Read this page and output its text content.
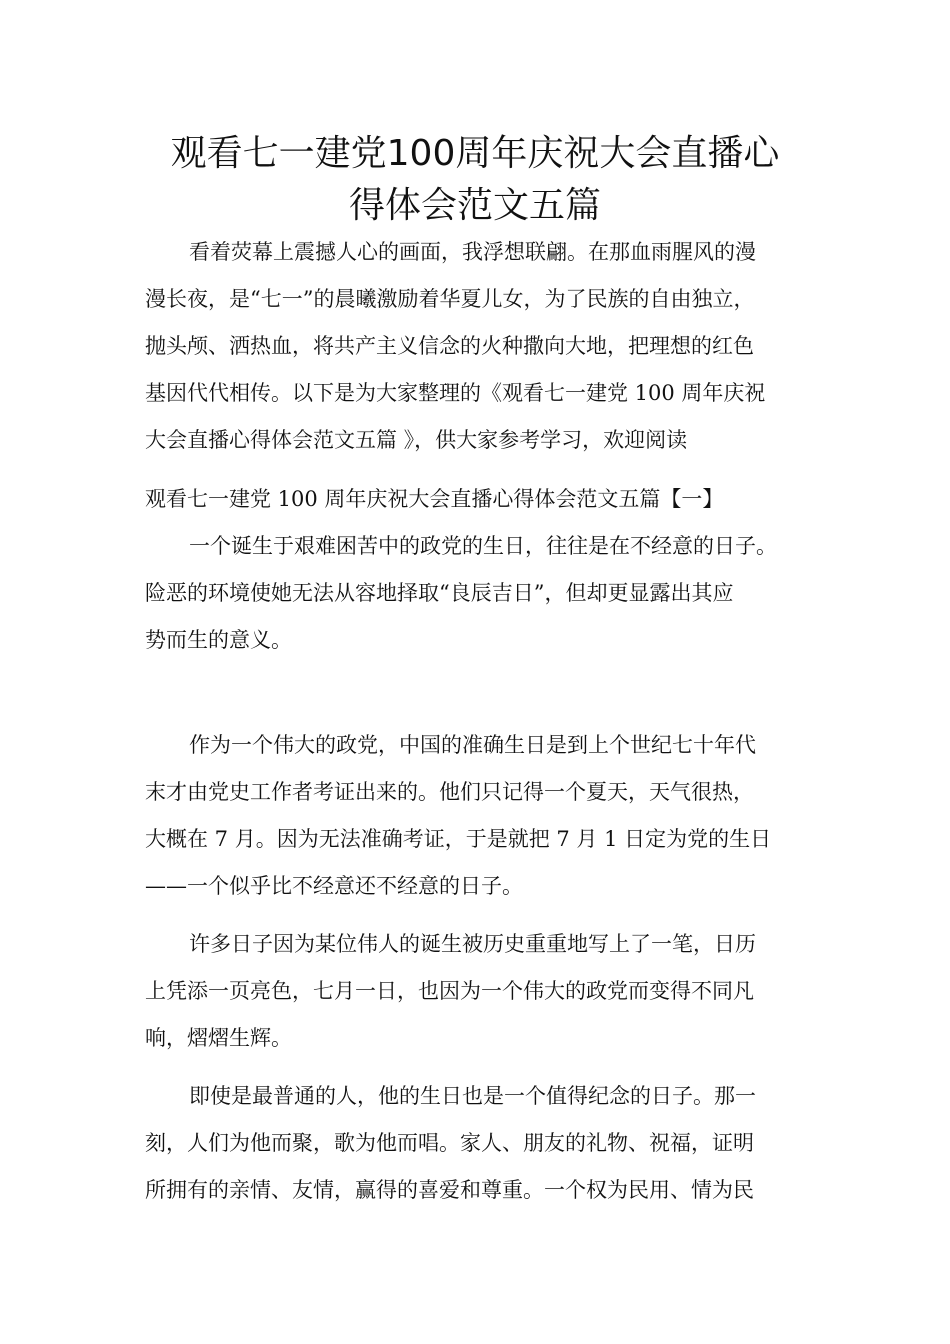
观看七一建党100周年庆祝大会直播心
得体会范文五篇
看着荧幕上震撼人心的画面，我浮想联翩。在那血雨腥风的漫
漫长夜，是“七一”的晨曦激励着华夏儿女，为了民族的自由独立，
抛头颅、洒热血，将共产主义信念的火种撒向大地，把理想的红色
基因代代相传。以下是为大家整理的《观看七一建党 100 周年庆祝
大会直播心得体会范文五篇 》，供大家参考学习，欢迎阅读
观看七一建党 100 周年庆祝大会直播心得体会范文五篇【一】
一个诞生于艰难困苦中的政党的生日，往往是在不经意的日子。
险恶的环境使她无法从容地择取“良辰吉日”，但却更显露出其应
势而生的意义。
作为一个伟大的政党，中国的准确生日是到上个世纪七十年代
末才由党史工作者考证出来的。他们只记得一个夏天，天气很热，
大概在 7 月。因为无法准确考证，于是就把 7 月 1 日定为党的生日
——一个似乎比不经意还不经意的日子。
许多日子因为某位伟人的诞生被历史重重地写上了一笔，日历
上凭添一页亮色，七月一日，也因为一个伟大的政党而变得不同凡
响，熠熠生辉。
即使是最普通的人，他的生日也是一个值得纪念的日子。那一
刻，人们为他而聚，歌为他而唱。家人、朋友的礼物、祝福，证明
所拥有的亲情、友情，赢得的喜爱和尊重。一个权为民用、情为民
